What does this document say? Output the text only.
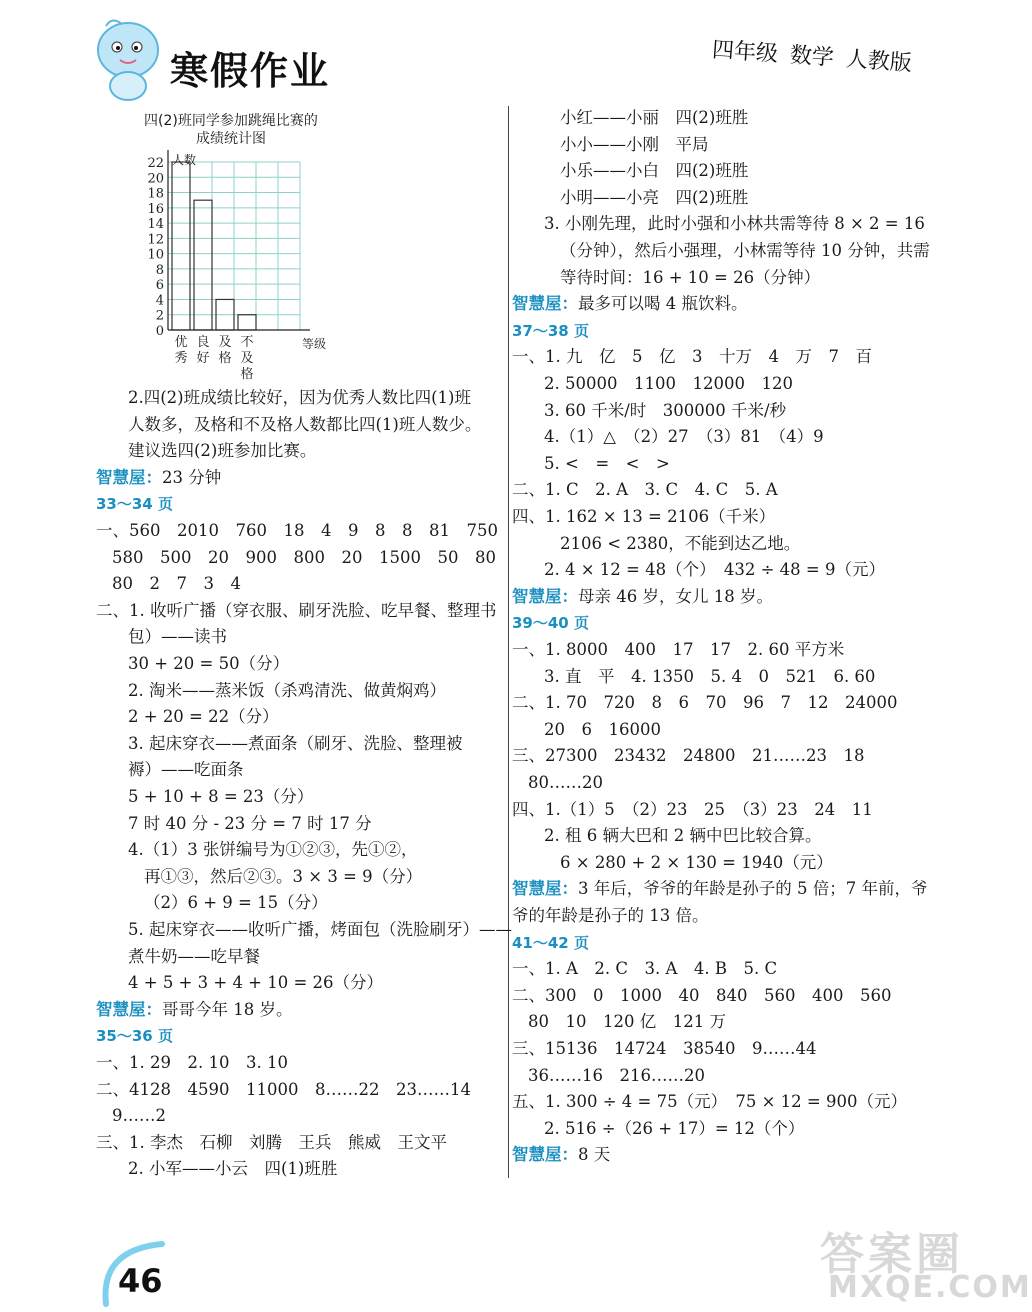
寒假作业	四年级 数学 人教版
四(2)班同学参加跳绳比赛的
成绩统计图
0
2
4
6
8
10
12
14
16
18
20
22 人数
优
秀
良
好
及
格
不
及
格
等级
2.四(2)班成绩比较好，因为优秀人数比四(1)班
人数多，及格和不及格人数都比四(1)班人数少。
建议选四(2)班参加比赛。
智慧屋：23 分钟
33～34 页
一、560　2010　760　18　4　9　8　8　81　750
580　500　20　900　800　20　1500　50　80
80　2　7　3　4
二、1. 收听广播（穿衣服、刷牙洗脸、吃早餐、整理书
包）——读书
30 + 20 = 50（分）
2. 淘米——蒸米饭（杀鸡清洗、做黄焖鸡）
2 + 20 = 22（分）
3. 起床穿衣——煮面条（刷牙、洗脸、整理被
褥）——吃面条
5 + 10 + 8 = 23（分）
7 时 40 分 - 23 分 = 7 时 17 分
4.（1）3 张饼编号为①②③，先①②，
再①③，然后②③。3 × 3 = 9（分）
（2）6 + 9 = 15（分）
5. 起床穿衣——收听广播，烤面包（洗脸刷牙）——
煮牛奶——吃早餐
4 + 5 + 3 + 4 + 10 = 26（分）
智慧屋：哥哥今年 18 岁。
35～36 页
一、1. 29　2. 10　3. 10
二、4128　4590　11000　8……22　23……14
9……2
三、1. 李杰　石柳　刘腾　王兵　熊威　王文平
2. 小军——小云　四(1)班胜
小红——小丽　四(2)班胜
小小——小刚　平局
小乐——小白　四(2)班胜
小明——小亮　四(2)班胜
3. 小刚先理，此时小强和小林共需等待 8 × 2 = 16
（分钟），然后小强理，小林需等待 10 分钟，共需
等待时间：16 + 10 = 26（分钟）
智慧屋：最多可以喝 4 瓶饮料。
37～38 页
一、1. 九　亿　5　亿　3　十万　4　万　7　百
2. 50000　1100　12000　120
3. 60 千米/时　300000 千米/秒
4.（1）△　（2）27　（3）81　（4）9
5. <　=　<　>
二、1. C　2. A　3. C　4. C　5. A
四、1. 162 × 13 = 2106（千米）
2106 < 2380，不能到达乙地。
2. 4 × 12 = 48（个）　432 ÷ 48 = 9（元）
智慧屋：母亲 46 岁，女儿 18 岁。
39～40 页
一、1. 8000　400　17　17　2. 60 平方米
3. 直　平　4. 1350　5. 4　0　521　6. 60
二、1. 70　720　8　6　70　96　7　12　24000
20　6　16000
三、27300　23432　24800　21……23　18
80……20
四、1.（1）5　（2）23　25　（3）23　24　11
2. 租 6 辆大巴和 2 辆中巴比较合算。
6 × 280 + 2 × 130 = 1940（元）
智慧屋：3 年后，爷爷的年龄是孙子的 5 倍；7 年前，爷
爷的年龄是孙子的 13 倍。
41～42 页
一、1. A　2. C　3. A　4. B　5. C
二、300　0　1000　40　840　560　400　560
80　10　120 亿　121 万
三、15136　14724　38540　9……44
36……16　216……20
五、1. 300 ÷ 4 = 75（元）　75 × 12 = 900（元）
2. 516 ÷（26 + 17）= 12（个）
智慧屋：8 天
46
答案圈
MXQE.COM
